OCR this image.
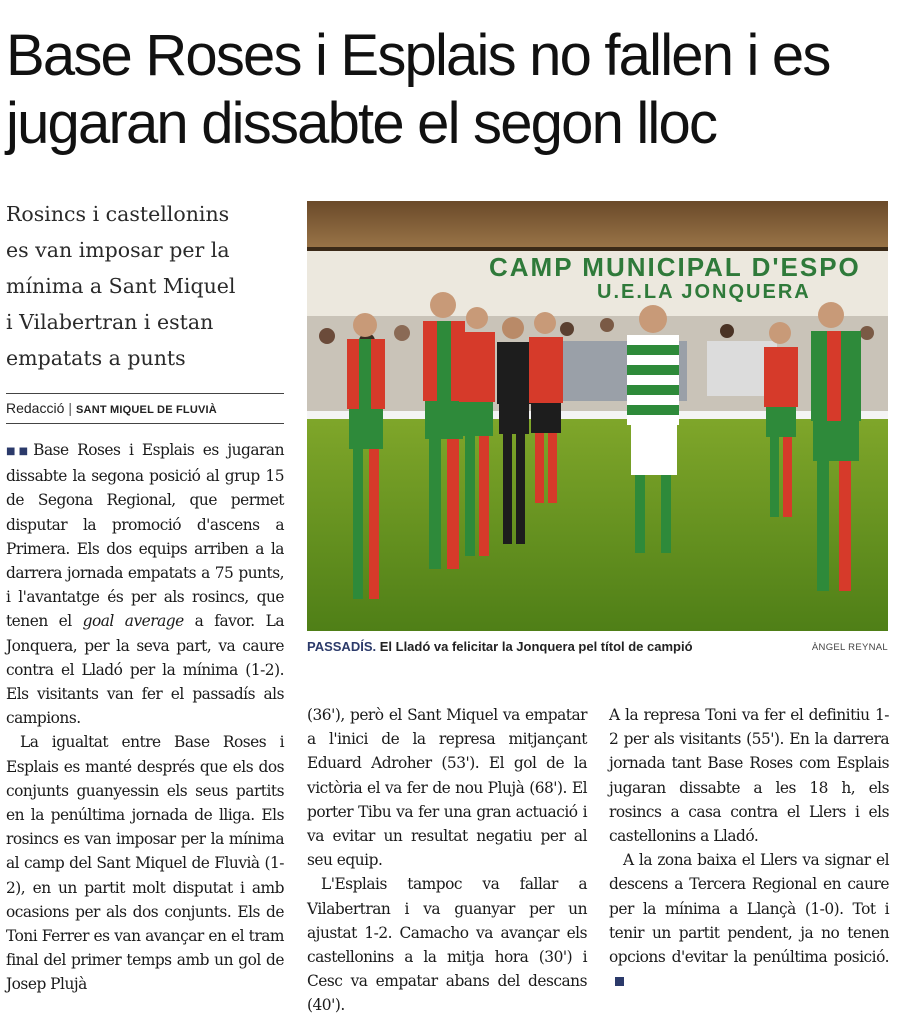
Base Roses i Esplais no fallen i es
jugaran dissabte el segon lloc
Rosincs i castellonins
es van imposar per la
mínima a Sant Miquel
i Vilabertran i estan
empatats a punts
Redacció | SANT MIQUEL DE FLUVIÀ

■■ Base Roses i Esplais es jugaran dissabte la segona posició al grup 15 de Segona Regional, que permet disputar la promoció d'ascens a Primera. Els dos equips arriben a la darrera jornada empatats a 75 punts, i l'avantatge és per als rosincs, que tenen el goal average a favor. La Jonquera, per la seva part, va caure contra el Lladó per la mínima (1-2). Els visitants van fer el passadís als campions.

La igualtat entre Base Roses i Esplais es manté després que els dos conjunts guanyessin els seus partits en la penúltima jornada de lliga. Els rosincs es van imposar per la mínima al camp del Sant Miquel de Fluvià (1-2), en un partit molt disputat i amb ocasions per als dos conjunts. Els de Toni Ferrer es van avançar en el tram final del primer temps amb un gol de Josep Plujà

CAMP MUNICIPAL D'ESPO
U.E.LA JONQUERA
PASSADÍS. El Lladó va felicitar la Jonquera pel títol de campió	ÀNGEL REYNAL

(36'), però el Sant Miquel va empatar a l'inici de la represa mitjançant Eduard Adroher (53'). El gol de la victòria el va fer de nou Plujà (68'). El porter Tibu va fer una gran actuació i va evitar un resultat negatiu per al seu equip.

L'Esplais tampoc va fallar a Vilabertran i va guanyar per un ajustat 1-2. Camacho va avançar els castellonins a la mitja hora (30') i Cesc va empatar abans del descans (40').

A la represa Toni va fer el definitiu 1-2 per als visitants (55'). En la darrera jornada tant Base Roses com Esplais jugaran dissabte a les 18 h, els rosincs a casa contra el Llers i els castellonins a Lladó.

A la zona baixa el Llers va signar el descens a Tercera Regional en caure per la mínima a Llançà (1-0). Tot i tenir un partit pendent, ja no tenen opcions d'evitar la penúltima posició.
